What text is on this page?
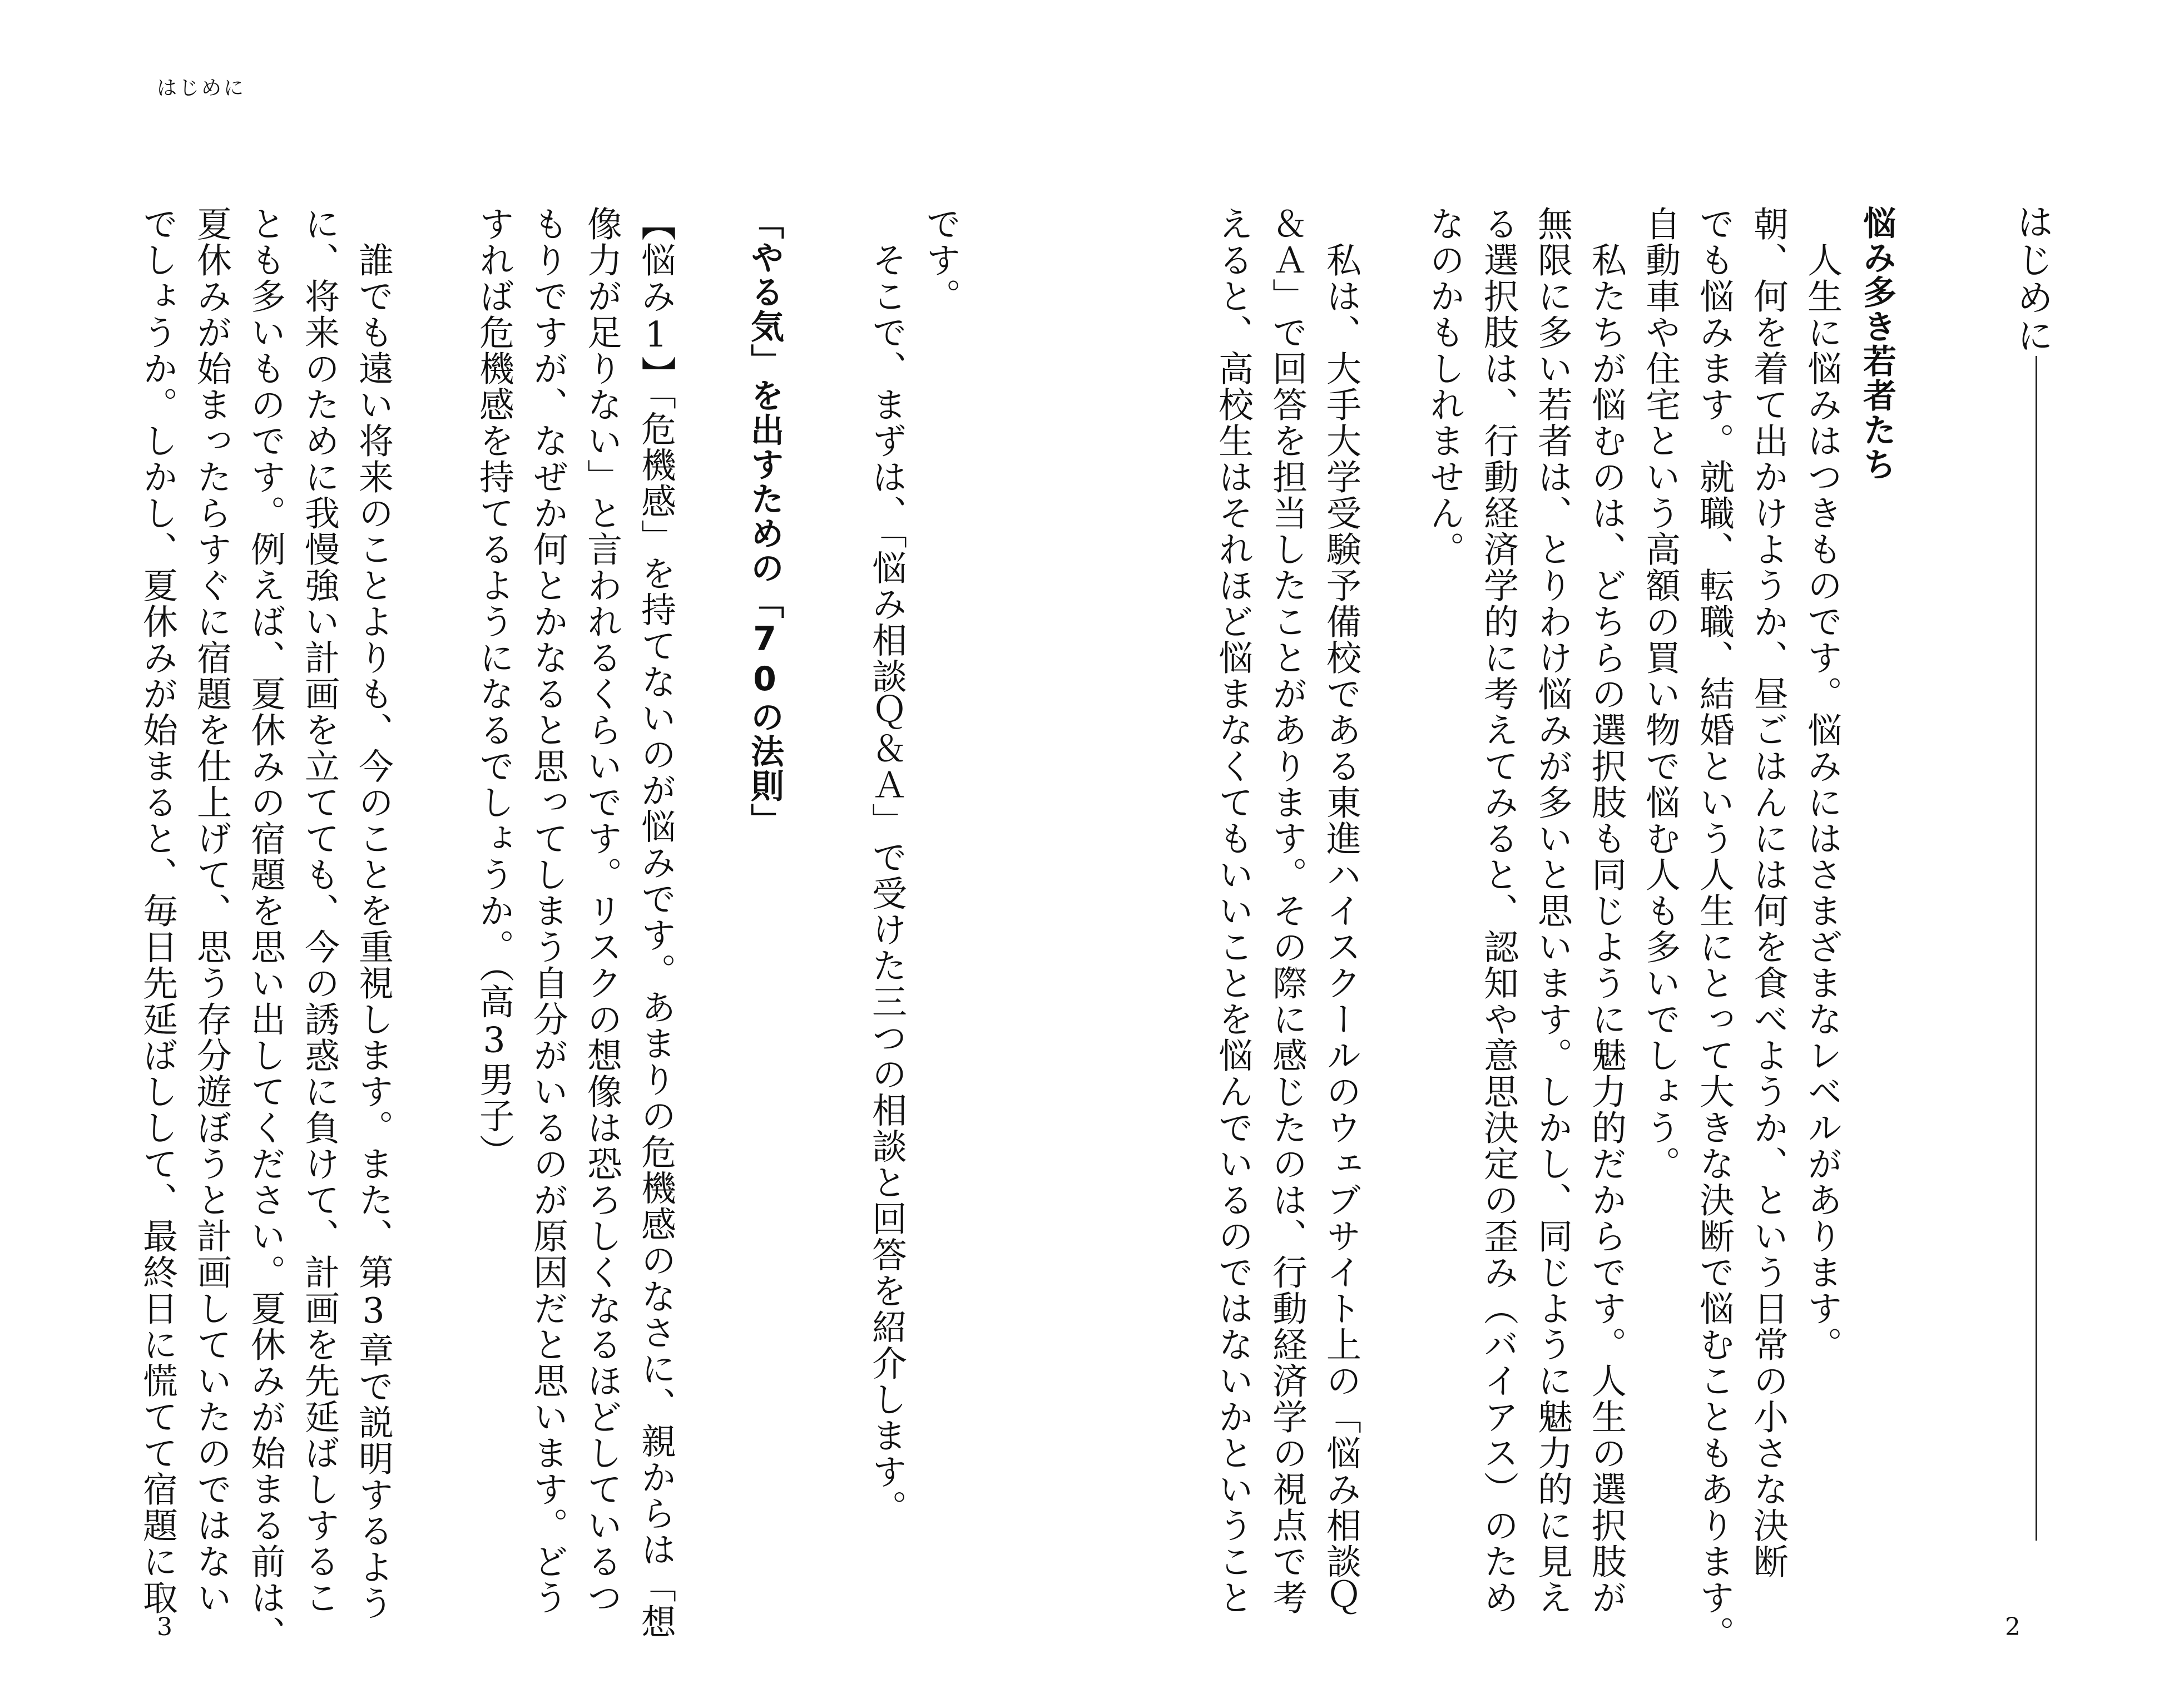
はじめに
3	2
はじめに
悩み多き若者たち
　人生に悩みはつきものです。悩みにはさまざまなレベルがあります。
朝、何を着て出かけようか、昼ごはんには何を食べようか、という日常の小さな決断
でも悩みます。就職、転職、結婚という人生にとって大きな決断で悩むこともあります。
自動車や住宅という高額の買い物で悩む人も多いでしょう。
　私たちが悩むのは、どちらの選択肢も同じように魅力的だからです。人生の選択肢が
無限に多い若者は、とりわけ悩みが多いと思います。しかし、同じように魅力的に見え
る選択肢は、行動経済学的に考えてみると、認知や意思決定の歪み（バイアス）のため
なのかもしれません。
　私は、大手大学受験予備校である東進ハイスクールのウェブサイト上の「悩み相談Ｑ
＆Ａ」で回答を担当したことがあります。その際に感じたのは、行動経済学の視点で考
えると、高校生はそれほど悩まなくてもいいことを悩んでいるのではないかということ
です。
　そこで、まずは、「悩み相談Ｑ＆Ａ」で受けた三つの相談と回答を紹介します。
「やる気」を出すための「70の法則」
【悩み1】「危機感」を持てないのが悩みです。あまりの危機感のなさに、親からは「想
像力が足りない」と言われるくらいです。リスクの想像は恐ろしくなるほどしているつ
もりですが、なぜか何とかなると思ってしまう自分がいるのが原因だと思います。どう
すれば危機感を持てるようになるでしょうか。（高3男子）
　誰でも遠い将来のことよりも、今のことを重視します。また、第3章で説明するよう
に、将来のために我慢強い計画を立てても、今の誘惑に負けて、計画を先延ばしするこ
とも多いものです。例えば、夏休みの宿題を思い出してください。夏休みが始まる前は、
夏休みが始まったらすぐに宿題を仕上げて、思う存分遊ぼうと計画していたのではない
でしょうか。しかし、夏休みが始まると、毎日先延ばしして、最終日に慌てて宿題に取
